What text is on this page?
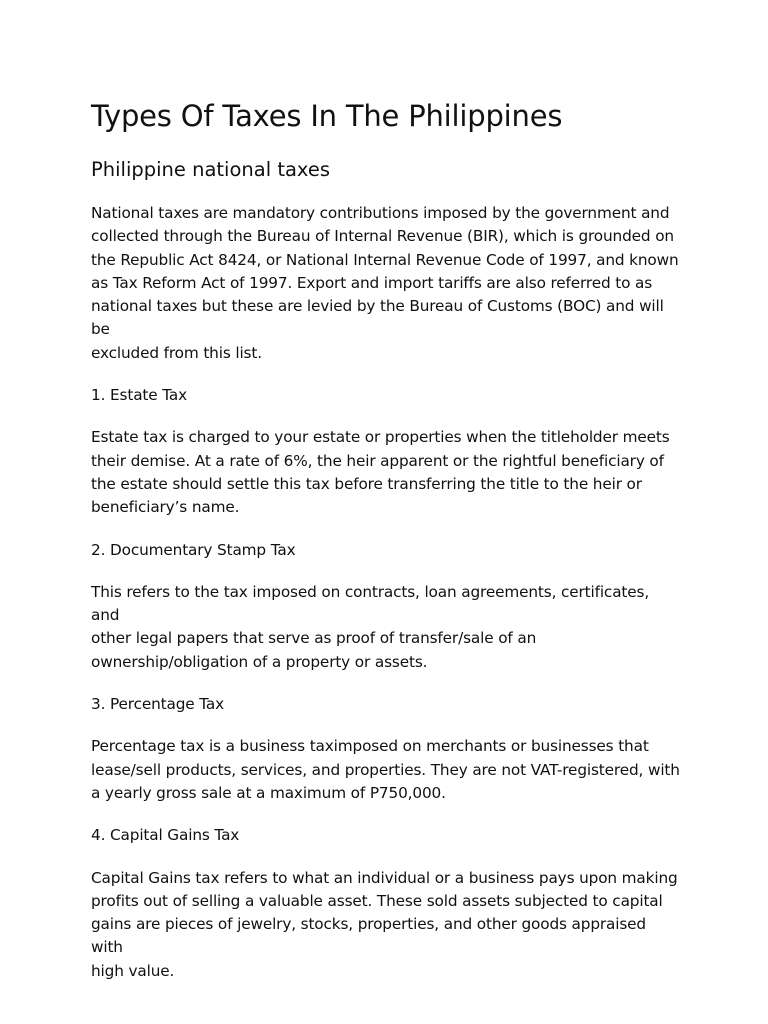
Types Of Taxes In The Philippines
Philippine national taxes

National taxes are mandatory contributions imposed by the government and
collected through the Bureau of Internal Revenue (BIR), which is grounded on
the Republic Act 8424, or National Internal Revenue Code of 1997, and known
as Tax Reform Act of 1997. Export and import tariffs are also referred to as
national taxes but these are levied by the Bureau of Customs (BOC) and will be
excluded from this list.

1. Estate Tax

Estate tax is charged to your estate or properties when the titleholder meets
their demise. At a rate of 6%, the heir apparent or the rightful beneficiary of
the estate should settle this tax before transferring the title to the heir or
beneficiary’s name.

2. Documentary Stamp Tax

This refers to the tax imposed on contracts, loan agreements, certificates, and
other legal papers that serve as proof of transfer/sale of an
ownership/obligation of a property or assets.

3. Percentage Tax

Percentage tax is a business taximposed on merchants or businesses that
lease/sell products, services, and properties. They are not VAT-registered, with
a yearly gross sale at a maximum of P750,000.

4. Capital Gains Tax

Capital Gains tax refers to what an individual or a business pays upon making
profits out of selling a valuable asset. These sold assets subjected to capital
gains are pieces of jewelry, stocks, properties, and other goods appraised with
high value.
